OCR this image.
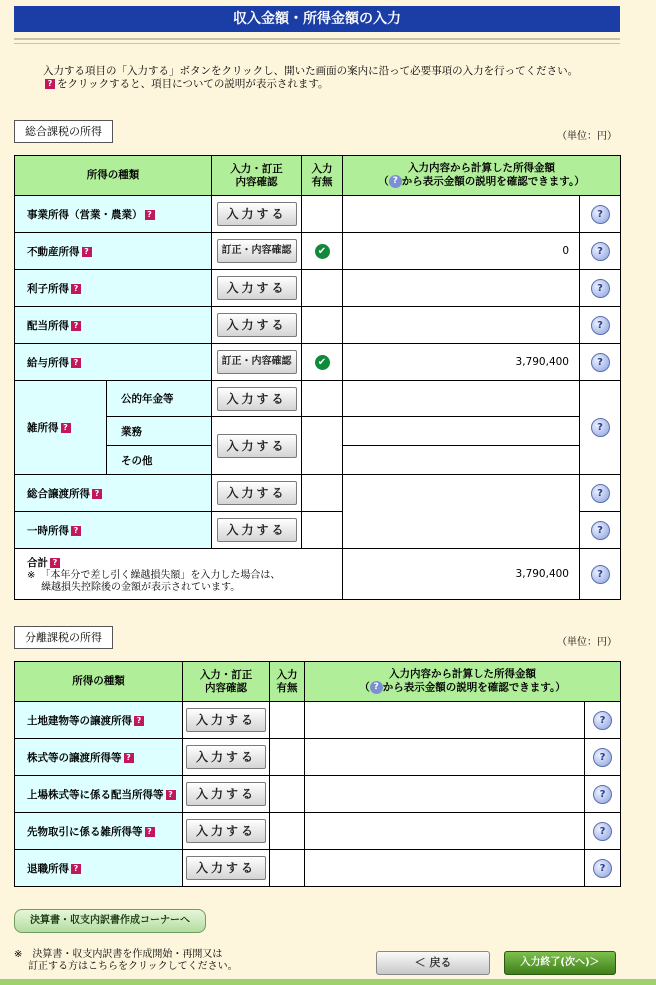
収入金額・所得金額の入力
入力する項目の「入力する」ボタンをクリックし、開いた画面の案内に沿って必要事項の入力を行ってください。
? をクリックすると、項目についての説明が表示されます。
総合課税の所得	（単位：円）
所得の種類		入力・訂正
内容確認	入力
有無	入力内容から計算した所得金額
（ ? から表示金額の説明を確認できます。）	
事業所得（営業・農業） ?		入力する			?
不動産所得 ?		訂正・内容確認	✔	0	?
利子所得 ?		入力する			?
配当所得 ?		入力する			?
給与所得 ?		訂正・内容確認	✔	3,790,400	?
雑所得 ?	公的年金等	入力する			?
	業務	入力する			
	その他				
総合譲渡所得 ?		入力する			?
一時所得 ?		入力する			?
合計 ?
※　「本年分で差し引く繰越損失額」を入力した場合は、
繰越損失控除後の金額が表示されています。				3,790,400	?
分離課税の所得	（単位：円）
所得の種類	入力・訂正
内容確認	入力
有無	入力内容から計算した所得金額
（ ? から表示金額の説明を確認できます。）	
土地建物等の譲渡所得 ?	入力する			?
株式等の譲渡所得等 ?	入力する			?
上場株式等に係る配当所得等 ?	入力する			?
先物取引に係る雑所得等 ?	入力する			?
退職所得 ?	入力する			?
決算書・収支内訳書作成コーナーへ
※　決算書・収支内訳書を作成開始・再開又は
訂正する方はこちらをクリックしてください。	＜ 戻る	入力終了(次へ)＞
